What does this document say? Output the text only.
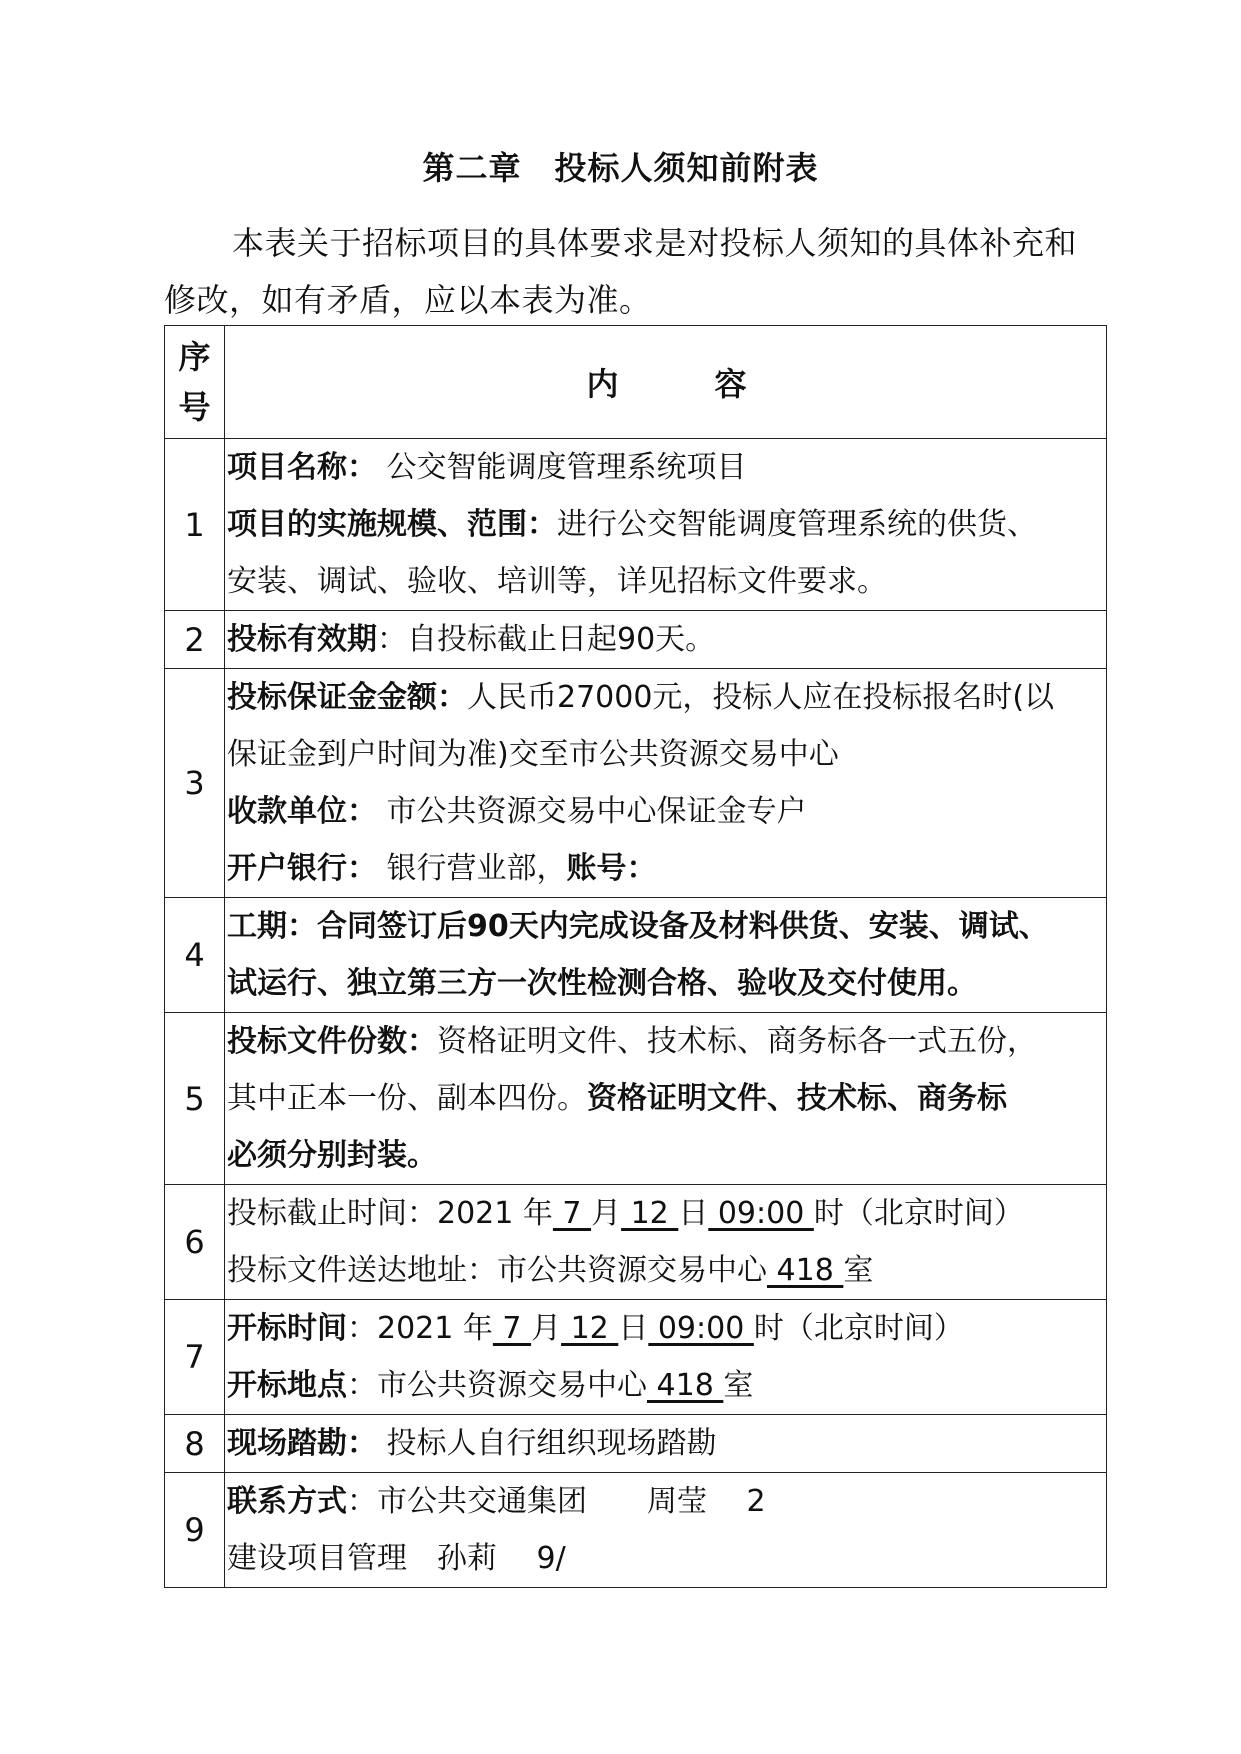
第二章　投标人须知前附表
本表关于招标项目的具体要求是对投标人须知的具体补充和修改，如有矛盾，应以本表为准。
序
号	内　　　容

1	项目名称： 公交智能调度管理系统项目
项目的实施规模、范围：进行公交智能调度管理系统的供货、
安装、调试、验收、培训等，详见招标文件要求。

2	投标有效期：自投标截止日起90天。

3	投标保证金金额：人民币27000元，投标人应在投标报名时(以
保证金到户时间为准)交至市公共资源交易中心
收款单位： 市公共资源交易中心保证金专户
开户银行： 银行营业部，账号：

4	工期：合同签订后90天内完成设备及材料供货、安装、调试、
试运行、独立第三方一次性检测合格、验收及交付使用。

5	投标文件份数：资格证明文件、技术标、商务标各一式五份，
其中正本一份、副本四份。资格证明文件、技术标、商务标
必须分别封装。

6	投标截止时间：2021 年 7 月 12 日 09:00 时（北京时间）
投标文件送达地址：市公共资源交易中心 418 室

7	开标时间：2021 年 7 月 12 日 09:00 时（北京时间）
开标地点：市公共资源交易中心 418 室

8	现场踏勘： 投标人自行组织现场踏勘

9	联系方式：市公共交通集团　　周莹　 2
建设项目管理　孙莉　 9/
